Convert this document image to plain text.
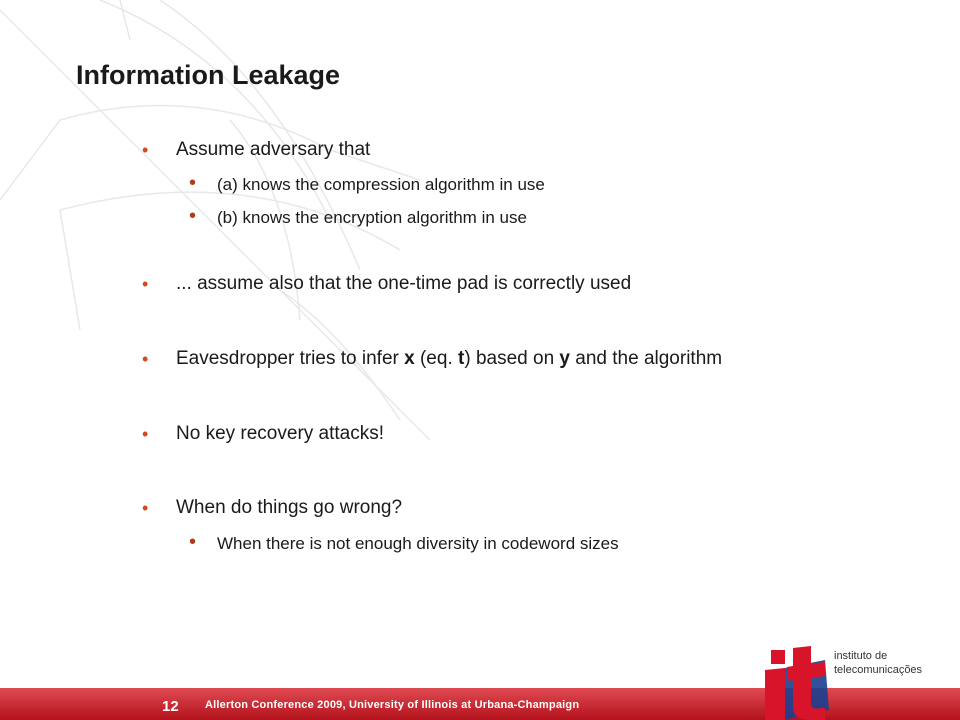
Information Leakage
• Assume adversary that
• (a) knows the compression algorithm in use
• (b) knows the encryption algorithm in use
• ... assume also that the one-time pad is correctly used
• Eavesdropper tries to infer x (eq. t) based on y and the algorithm
• No key recovery attacks!
• When do things go wrong?
• When there is not enough diversity in codeword sizes
12 Allerton Conference 2009, University of Illinois at Urbana-Champaign
instituto de
telecomunicações
